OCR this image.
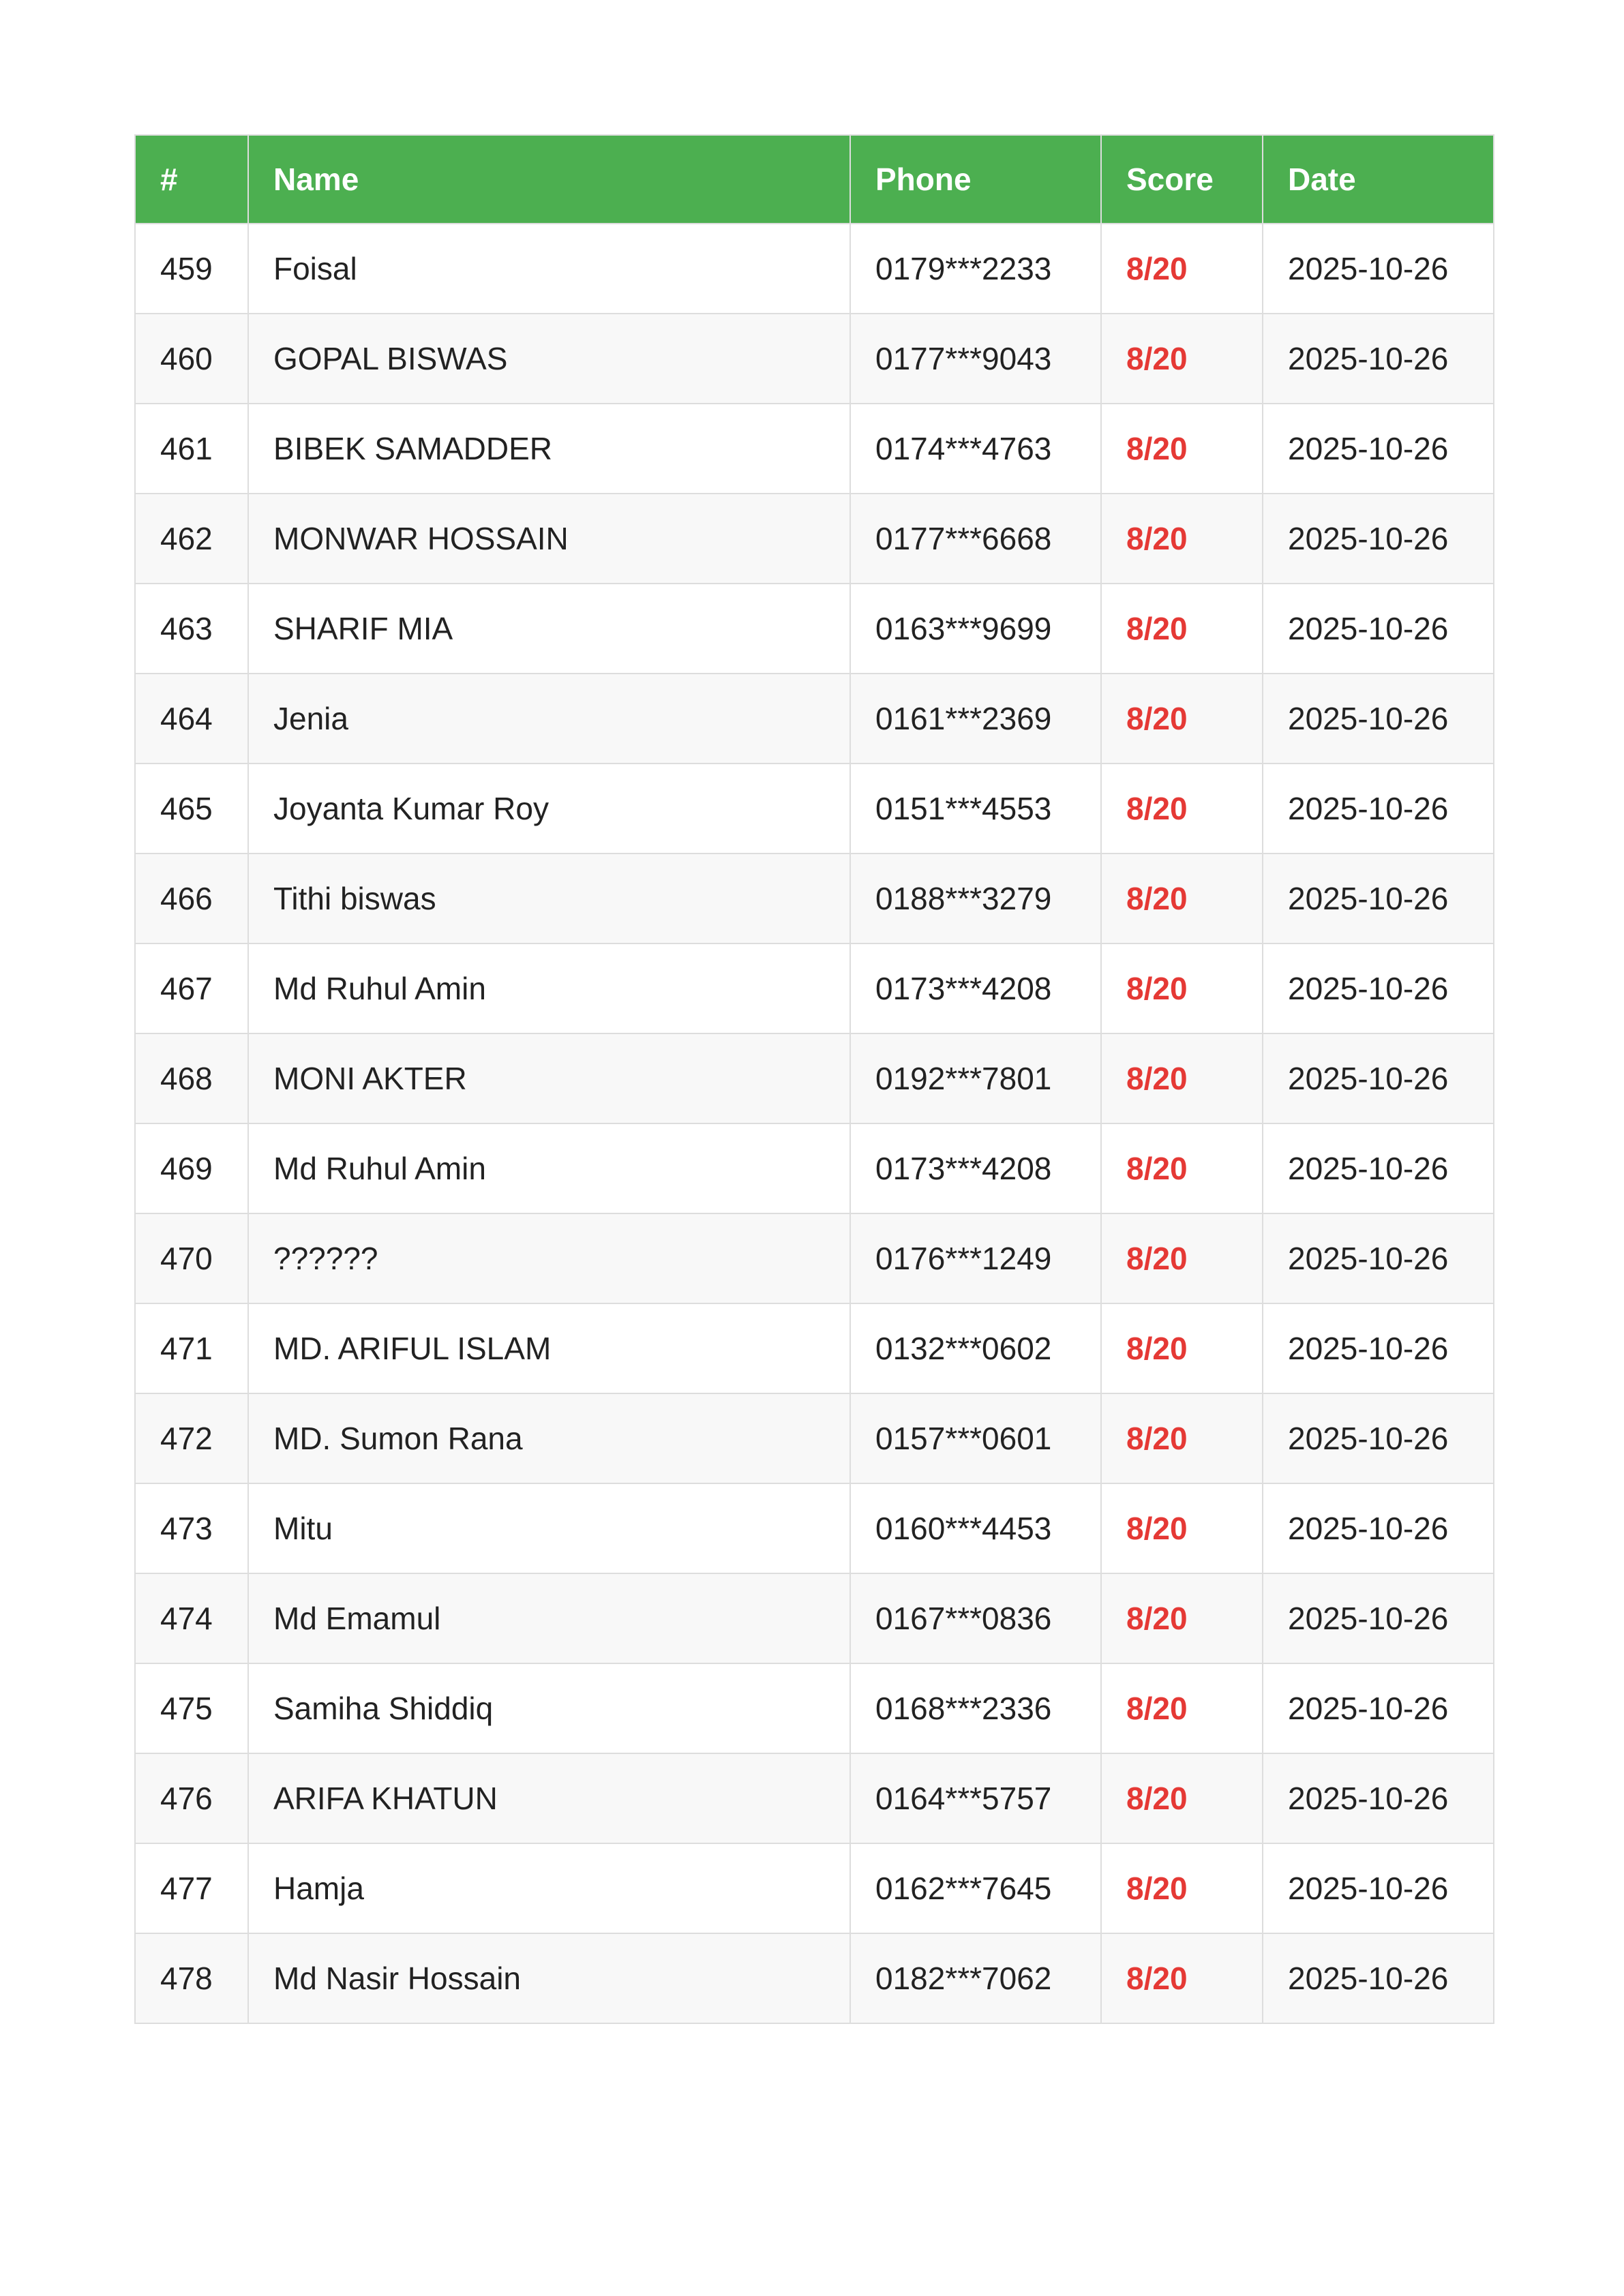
#	Name	Phone	Score	Date
459	Foisal	0179***2233	8/20	2025-10-26
460	GOPAL BISWAS	0177***9043	8/20	2025-10-26
461	BIBEK SAMADDER	0174***4763	8/20	2025-10-26
462	MONWAR HOSSAIN	0177***6668	8/20	2025-10-26
463	SHARIF MIA	0163***9699	8/20	2025-10-26
464	Jenia	0161***2369	8/20	2025-10-26
465	Joyanta Kumar Roy	0151***4553	8/20	2025-10-26
466	Tithi biswas	0188***3279	8/20	2025-10-26
467	Md Ruhul Amin	0173***4208	8/20	2025-10-26
468	MONI AKTER	0192***7801	8/20	2025-10-26
469	Md Ruhul Amin	0173***4208	8/20	2025-10-26
470	??????	0176***1249	8/20	2025-10-26
471	MD. ARIFUL ISLAM	0132***0602	8/20	2025-10-26
472	MD. Sumon Rana	0157***0601	8/20	2025-10-26
473	Mitu	0160***4453	8/20	2025-10-26
474	Md Emamul	0167***0836	8/20	2025-10-26
475	Samiha Shiddiq	0168***2336	8/20	2025-10-26
476	ARIFA KHATUN	0164***5757	8/20	2025-10-26
477	Hamja	0162***7645	8/20	2025-10-26
478	Md Nasir Hossain	0182***7062	8/20	2025-10-26
